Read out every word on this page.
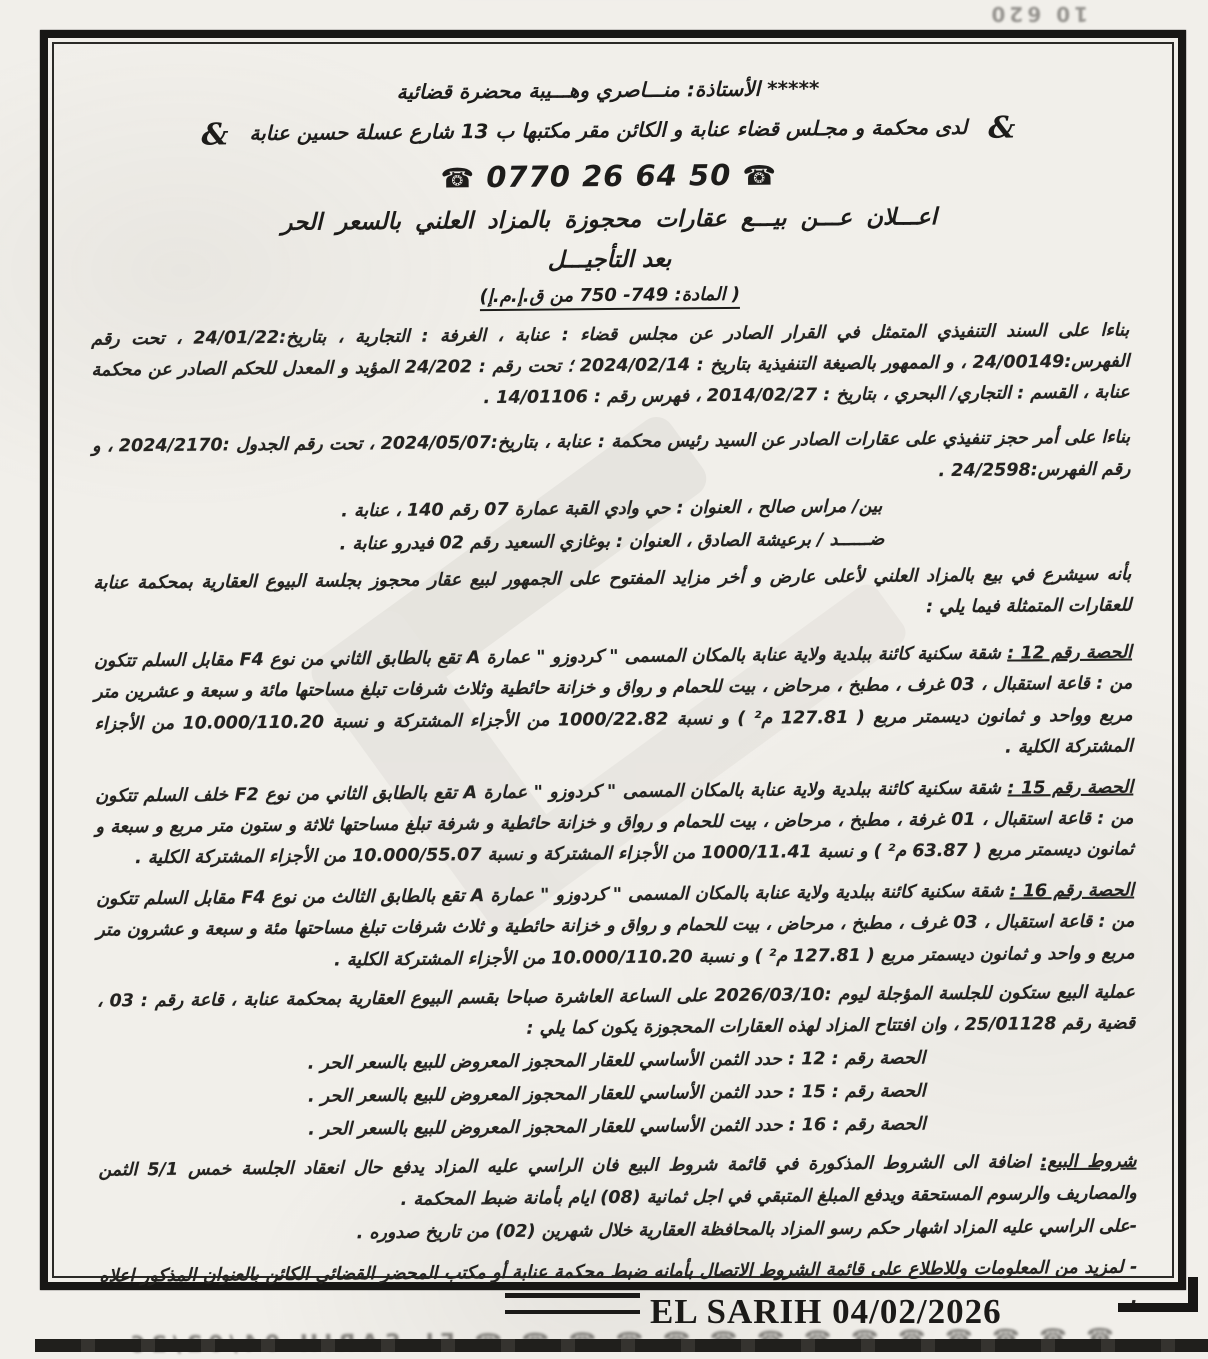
10 620
***** الأستاذة: منـــاصري وهـــيبة محضرة قضائية
& لدى محكمة و مجـلس قضاء عنابة و الكائن مقر مكتبها ب 13 شارع عسلة حسين عنابة &
☎ 0770 26 64 50 ☎
اعـــلان عـــن بيـــع عقارات محجوزة بالمزاد العلني بالسعر الحر
بعد التأجيـــل
( المادة: 749- 750 من ق.إ.م.إ)

بناءا على السند التنفيذي المتمثل في القرار الصادر عن مجلس قضاء : عنابة ، الغرفة : التجارية ، بتاريخ:24/01/22 ، تحت رقم الفهرس:24/00149 ، و الممهور بالصيغة التنفيذية بتاريخ : 2024/02/14 ؛ تحت رقم : 24/202 المؤيد و المعدل للحكم الصادر عن محكمة عنابة ، القسم : التجاري/ البحري ، بتاريخ : 2014/02/27 ، فهرس رقم : 14/01106 .

بناءا على أمر حجز تنفيذي على عقارات الصادر عن السيد رئيس محكمة : عنابة ، بتاريخ:2024/05/07 ، تحت رقم الجدول :2024/2170 ، و رقم الفهرس:24/2598 .

بين/ مراس صالح ، العنوان : حي وادي القبة عمارة 07 رقم 140 ، عنابة .

ضــــــد / برعيشة الصادق ، العنوان : بوغازي السعيد رقم 02 فيدرو عنابة .

بأنه سيشرع في بيع بالمزاد العلني لأعلى عارض و أخر مزايد المفتوح على الجمهور لبيع عقار محجوز بجلسة البيوع العقارية بمحكمة عنابة للعقارات المتمثلة فيما يلي :

الحصة رقم 12 : شقة سكنية كائنة ببلدية ولاية عنابة بالمكان المسمى " كردوزو " عمارة A تقع بالطابق الثاني من نوع F4 مقابل السلم تتكون من : قاعة استقبال ، 03 غرف ، مطبخ ، مرحاض ، بيت للحمام و رواق و خزانة حائطية وثلاث شرفات تبلغ مساحتها مائة و سبعة و عشرين متر مربع وواحد و ثمانون ديسمتر مربع ( 127.81 م² ) و نسبة 1000/22.82 من الأجزاء المشتركة و نسبة 10.000/110.20 من الأجزاء المشتركة الكلية .

الحصة رقم 15 : شقة سكنية كائنة ببلدية ولاية عنابة بالمكان المسمى " كردوزو " عمارة A تقع بالطابق الثاني من نوع F2 خلف السلم تتكون من : قاعة استقبال ، 01 غرفة ، مطبخ ، مرحاض ، بيت للحمام و رواق و خزانة حائطية و شرفة تبلغ مساحتها ثلاثة و ستون متر مربع و سبعة و ثمانون ديسمتر مربع ( 63.87 م² ) و نسبة 1000/11.41 من الأجزاء المشتركة و نسبة 10.000/55.07 من الأجزاء المشتركة الكلية .

الحصة رقم 16 : شقة سكنية كائنة ببلدية ولاية عنابة بالمكان المسمى " كردوزو " عمارة A تقع بالطابق الثالث من نوع F4 مقابل السلم تتكون من : قاعة استقبال ، 03 غرف ، مطبخ ، مرحاض ، بيت للحمام و رواق و خزانة حائطية و ثلاث شرفات تبلغ مساحتها مئة و سبعة و عشرون متر مربع و واحد و ثمانون ديسمتر مربع ( 127.81 م² ) و نسبة 10.000/110.20 من الأجزاء المشتركة الكلية .

عملية البيع ستكون للجلسة المؤجلة ليوم :2026/03/10 على الساعة العاشرة صباحا بقسم البيوع العقارية بمحكمة عنابة ، قاعة رقم : 03 ، قضية رقم 25/01128 ، وان افتتاح المزاد لهذه العقارات المحجوزة يكون كما يلي :

الحصة رقم : 12 : حدد الثمن الأساسي للعقار المحجوز المعروض للبيع بالسعر الحر .

الحصة رقم : 15 : حدد الثمن الأساسي للعقار المحجوز المعروض للبيع بالسعر الحر .

الحصة رقم : 16 : حدد الثمن الأساسي للعقار المحجوز المعروض للبيع بالسعر الحر .

شروط البيع: اضافة الى الشروط المذكورة في قائمة شروط البيع فان الراسي عليه المزاد يدفع حال انعقاد الجلسة خمس 5/1 الثمن والمصاريف والرسوم المستحقة ويدفع المبلغ المتبقي في اجل ثمانية (08) ايام بأمانة ضبط المحكمة .

-على الراسي عليه المزاد اشهار حكم رسو المزاد بالمحافظة العقارية خلال شهرين (02) من تاريخ صدوره .

- لمزيد من المعلومات وللاطلاع على قائمة الشروط الاتصال بأمانه ضبط محكمة عنابة أو مكتب المحضر القضائي الكائن بالعنوان المذكور اعلاه .

EL SARIH 04/02/2026
